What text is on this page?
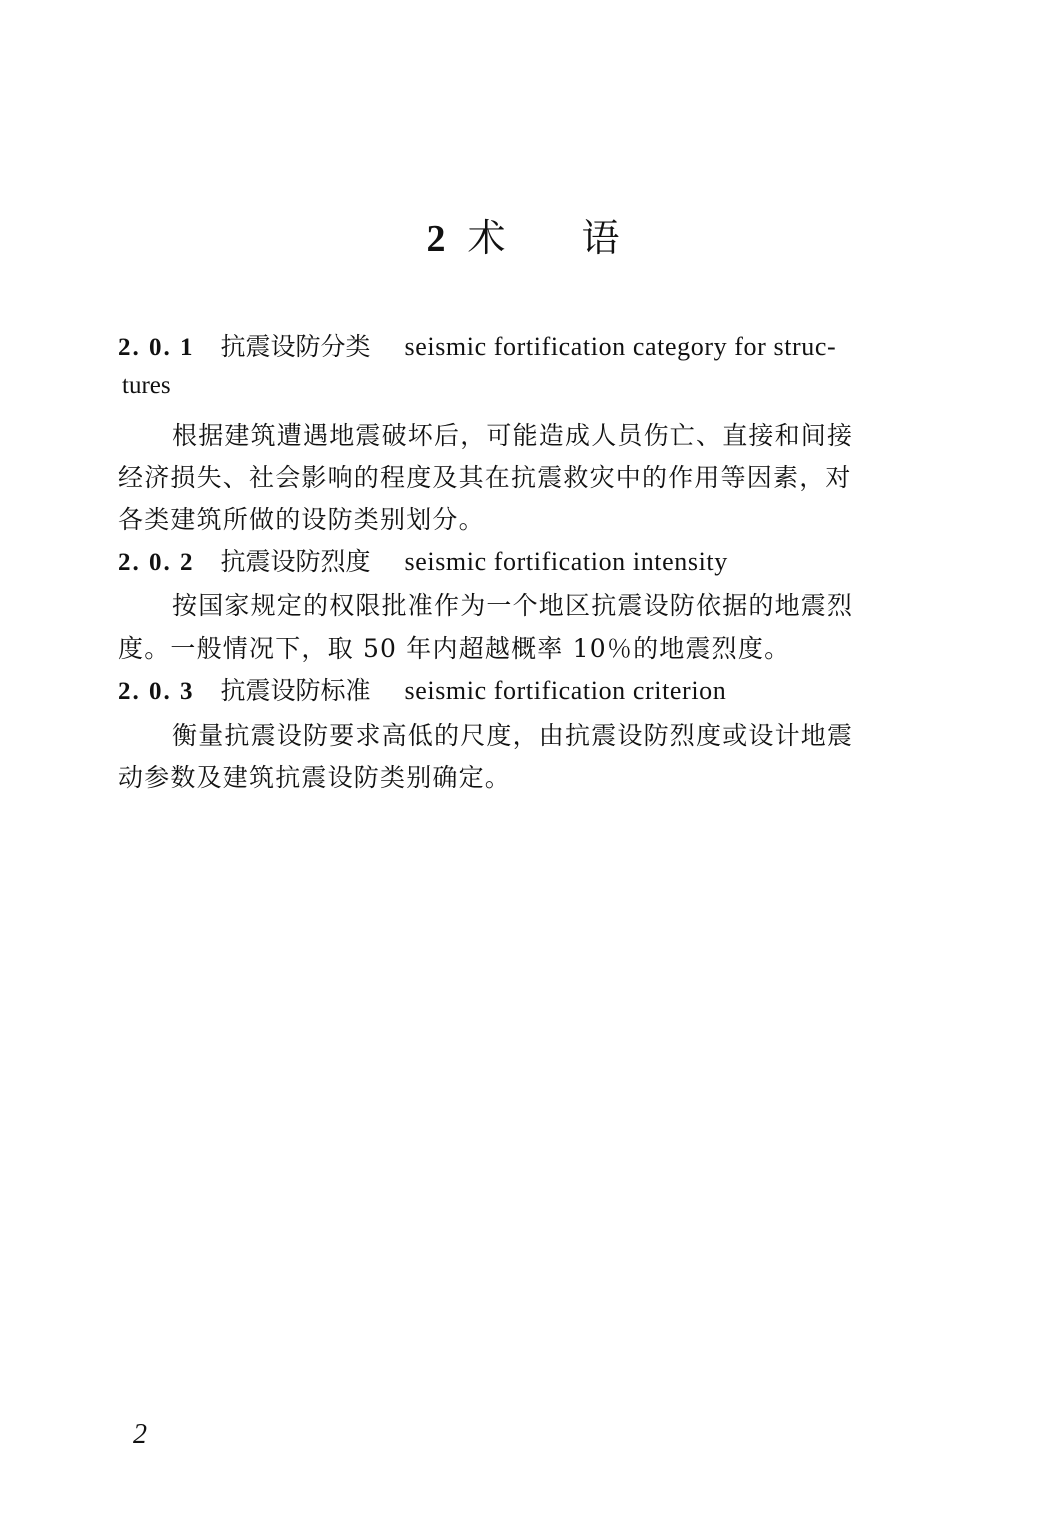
2 术 语
2. 0. 1 抗震设防分类 seismic fortification category for struc-
tures
根据建筑遭遇地震破坏后，可能造成人员伤亡、直接和间接
经济损失、社会影响的程度及其在抗震救灾中的作用等因素，对
各类建筑所做的设防类别划分。
2. 0. 2 抗震设防烈度 seismic fortification intensity
按国家规定的权限批准作为一个地区抗震设防依据的地震烈
度。一般情况下，取 50 年内超越概率 10％的地震烈度。
2. 0. 3 抗震设防标准 seismic fortification criterion
衡量抗震设防要求高低的尺度，由抗震设防烈度或设计地震
动参数及建筑抗震设防类别确定。
2
